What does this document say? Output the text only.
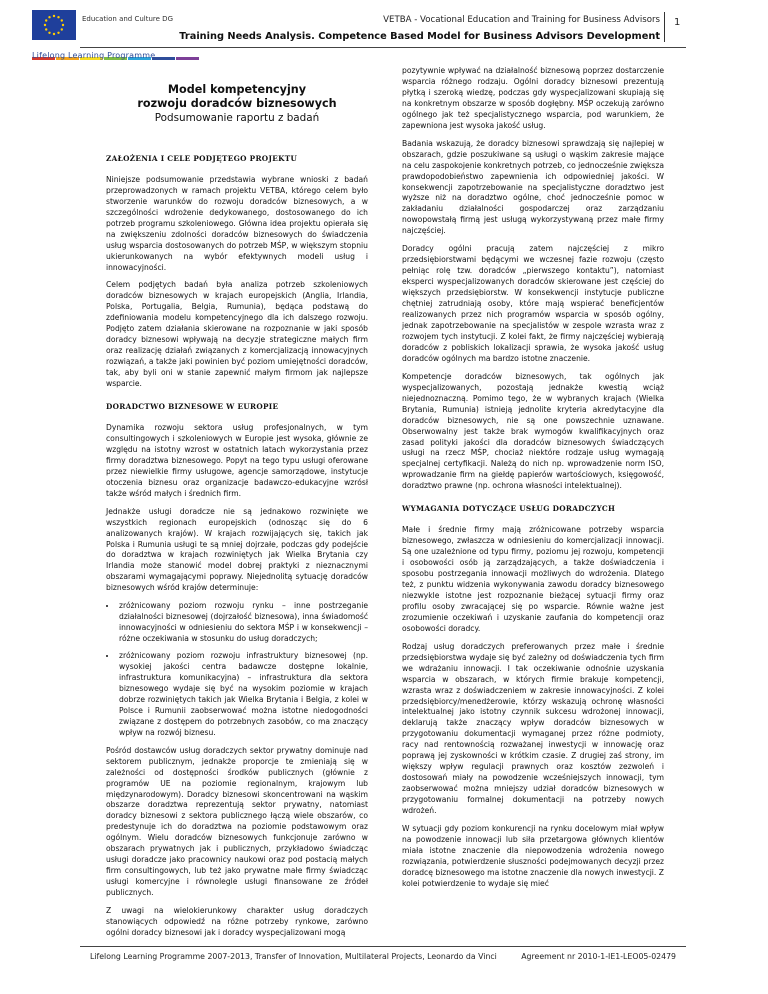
Education and Culture DG
Lifelong Learning Programme
VETBA - Vocational Education and Training for Business Advisors
Training Needs Analysis. Competence Based Model for Business Advisors Development
1
Model kompetencyjny
rozwoju doradców biznesowych
Podsumowanie raportu z badań
ZAŁOŻENIA I CELE PODJĘTEGO PROJEKTU

Niniejsze podsumowanie przedstawia wybrane wnioski z badań przeprowadzonych w ramach projektu VETBA, którego celem było stworzenie warunków do rozwoju doradców biznesowych, a w szczególności wdrożenie dedykowanego, dostosowanego do ich potrzeb programu szkoleniowego. Główna idea projektu opierała się na zwiększeniu zdolności doradców biznesowych do świadczenia usług wsparcia dostosowanych do potrzeb MŚP, w większym stopniu ukierunkowanych na wybór efektywnych modeli usług i innowacyjności.

Celem podjętych badań była analiza potrzeb szkoleniowych doradców biznesowych w krajach europejskich (Anglia, Irlandia, Polska, Portugalia, Belgia, Rumunia), będąca podstawą do zdefiniowania modelu kompetencyjnego dla ich dalszego rozwoju. Podjęto zatem działania skierowane na rozpoznanie w jaki sposób doradcy biznesowi wpływają na decyzje strategiczne małych firm oraz realizację działań związanych z komercjalizacją innowacyjnych rozwiązań, a także jaki powinien być poziom umiejętności doradców, tak, aby byli oni w stanie zapewnić małym firmom jak najlepsze wsparcie.

DORADCTWO BIZNESOWE W EUROPIE

Dynamika rozwoju sektora usług profesjonalnych, w tym consultingowych i szkoleniowych w Europie jest wysoka, głównie ze względu na istotny wzrost w ostatnich latach wykorzystania przez firmy doradztwa biznesowego. Popyt na tego typu usługi oferowane przez niewielkie firmy usługowe, agencje samorządowe, instytucje otoczenia biznesu oraz organizacje badawczo-edukacyjne wzrósł także wśród małych i średnich firm.

Jednakże usługi doradcze nie są jednakowo rozwinięte we wszystkich regionach europejskich (odnosząc się do 6 analizowanych krajów). W krajach rozwijających się, takich jak Polska i Rumunia usługi te są mniej dojrzałe, podczas gdy podejście do doradztwa w krajach rozwiniętych jak Wielka Brytania czy Irlandia może stanowić model dobrej praktyki z nieznacznymi obszarami wymagającymi poprawy. Niejednolitą sytuację doradców biznesowych wśród krajów determinuje:

• zróżnicowany poziom rozwoju rynku – inne postrzeganie działalności biznesowej (dojrzałość biznesowa), inna świadomość innowacyjności w odniesieniu do sektora MŚP i w konsekwencji – różne oczekiwania w stosunku do usług doradczych;
• zróżnicowany poziom rozwoju infrastruktury biznesowej (np. wysokiej jakości centra badawcze dostępne lokalnie, infrastruktura komunikacyjna) – infrastruktura dla sektora biznesowego wydaje się być na wysokim poziomie w krajach dobrze rozwiniętych takich jak Wielka Brytania i Belgia, z kolei w Polsce i Rumunii zaobserwować można istotne niedogodności związane z dostępem do potrzebnych zasobów, co ma znaczący wpływ na rozwój biznesu.

Pośród dostawców usług doradczych sektor prywatny dominuje nad sektorem publicznym, jednakże proporcje te zmieniają się w zależności od dostępności środków publicznych (głównie z programów UE na poziomie regionalnym, krajowym lub międzynarodowym). Doradcy biznesowi skoncentrowani na wąskim obszarze doradztwa reprezentują sektor prywatny, natomiast doradcy biznesowi z sektora publicznego łączą wiele obszarów, co predestynuje ich do doradztwa na poziomie podstawowym oraz ogólnym. Wielu doradców biznesowych funkcjonuje zarówno w obszarach prywatnych jak i publicznych, przykładowo świadcząc usługi doradcze jako pracownicy naukowi oraz pod postacią małych firm consultingowych, lub też jako prywatne małe firmy świadcząc usługi komercyjne i równolegle usługi finansowane ze źródeł publicznych.

Z uwagi na wielokierunkowy charakter usług doradczych stanowiących odpowiedź na różne potrzeby rynkowe, zarówno ogólni doradcy biznesowi jak i doradcy wyspecjalizowani mogą

pozytywnie wpływać na działalność biznesową poprzez dostarczenie wsparcia różnego rodzaju. Ogólni doradcy biznesowi prezentują płytką i szeroką wiedzę, podczas gdy wyspecjalizowani skupiają się na konkretnym obszarze w sposób dogłębny. MŚP oczekują zarówno ogólnego jak też specjalistycznego wsparcia, pod warunkiem, że zapewniona jest wysoka jakość usług.

Badania wskazują, że doradcy biznesowi sprawdzają się najlepiej w obszarach, gdzie poszukiwane są usługi o wąskim zakresie mające na celu zaspokojenie konkretnych potrzeb, co jednocześnie zwiększa prawdopodobieństwo zapewnienia ich odpowiedniej jakości. W konsekwencji zapotrzebowanie na specjalistyczne doradztwo jest wyższe niż na doradztwo ogólne, choć jednocześnie pomoc w zakładaniu działalności gospodarczej oraz zarządzaniu nowopowstałą firmą jest usługą wykorzystywaną przez małe firmy najczęściej.

Doradcy ogólni pracują zatem najczęściej z mikro przedsiębiorstwami będącymi we wczesnej fazie rozwoju (często pełniąc rolę tzw. doradców „pierwszego kontaktu”), natomiast eksperci wyspecjalizowanych doradców skierowane jest częściej do większych przedsiębiorstw. W konsekwencji instytucje publiczne chętniej zatrudniają osoby, które mają wspierać beneficjentów realizowanych przez nich programów wsparcia w sposób ogólny, jednak zapotrzebowanie na specjalistów w zespole wzrasta wraz z rozwojem tych instytucji. Z kolei fakt, że firmy najczęściej wybierają doradców z pobliskich lokalizacji sprawia, że wysoka jakość usług doradców ogólnych ma bardzo istotne znaczenie.

Kompetencje doradców biznesowych, tak ogólnych jak wyspecjalizowanych, pozostają jednakże kwestią wciąż niejednoznaczną. Pomimo tego, że w wybranych krajach (Wielka Brytania, Rumunia) istnieją jednolite kryteria akredytacyjne dla doradców biznesowych, nie są one powszechnie uznawane. Obserwowalny jest także brak wymogów kwalifikacyjnych oraz zasad polityki jakości dla doradców biznesowych świadczących usługi na rzecz MŚP, chociaż niektóre rodzaje usług wymagają specjalnej certyfikacji. Należą do nich np. wprowadzenie norm ISO, wprowadzanie firm na giełdę papierów wartościowych, księgowość, doradztwo prawne (np. ochrona własności intelektualnej).

WYMAGANIA DOTYCZĄCE USŁUG DORADCZYCH

Małe i średnie firmy mają zróżnicowane potrzeby wsparcia biznesowego, zwłaszcza w odniesieniu do komercjalizacji innowacji. Są one uzależnione od typu firmy, poziomu jej rozwoju, kompetencji i osobowości osób ją zarządzających, a także doświadczenia i sposobu postrzegania innowacji możliwych do wdrożenia. Dlatego też, z punktu widzenia wykonywania zawodu doradcy biznesowego niezwykle istotne jest rozpoznanie bieżącej sytuacji firmy oraz profilu osoby zwracającej się po wsparcie. Równie ważne jest zrozumienie oczekiwań i uzyskanie zaufania do kompetencji oraz osobowości doradcy.

Rodzaj usług doradczych preferowanych przez małe i średnie przedsiębiorstwa wydaje się być zależny od doświadczenia tych firm we wdrażaniu innowacji. I tak oczekiwanie odnośnie uzyskania wsparcia w obszarach, w których firmie brakuje kompetencji, wzrasta wraz z doświadczeniem w zakresie innowacyjności. Z kolei przedsiębiorcy/menedżerowie, którzy wskazują ochronę własności intelektualnej jako istotny czynnik sukcesu wdrożonej innowacji, deklarują także znaczący wpływ doradców biznesowych w przygotowaniu dokumentacji wymaganej przez różne podmioty, racy nad rentownością rozważanej inwestycji w innowację oraz poprawą jej zyskowności w krótkim czasie. Z drugiej zaś strony, im większy wpływ regulacji prawnych oraz kosztów zezwoleń i dostosowań miały na powodzenie wcześniejszych innowacji, tym zaobserwować można mniejszy udział doradców biznesowych w przygotowaniu formalnej dokumentacji na potrzeby nowych wdrożeń.

W sytuacji gdy poziom konkurencji na rynku docelowym miał wpływ na powodzenie innowacji lub siła przetargowa głównych klientów miała istotne znaczenie dla niepowodzenia wdrożenia nowego rozwiązania, potwierdzenie słuszności podejmowanych decyzji przez doradcę biznesowego ma istotne znaczenie dla nowych inwestycji. Z kolei potwierdzenie to wydaje się mieć

Lifelong Learning Programme 2007-2013, Transfer of Innovation, Multilateral Projects, Leonardo da Vinci	Agreement nr 2010-1-IE1-LEO05-02479
